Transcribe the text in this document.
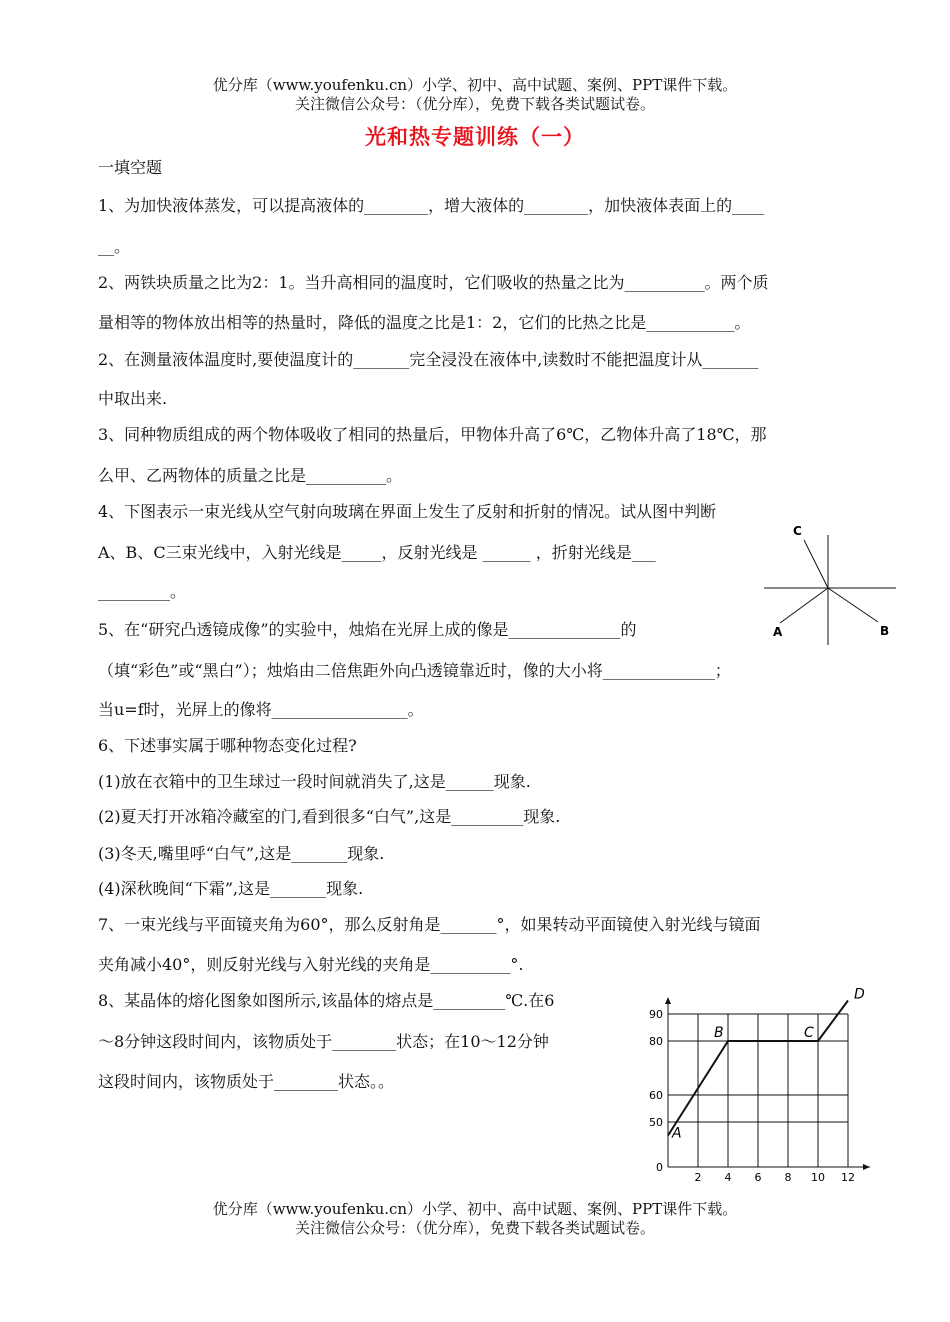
优分库（www.youfenku.cn）小学、初中、高中试题、案例、PPT课件下载。
关注微信公众号：（优分库），免费下载各类试题试卷。
光和热专题训练（一）
一填空题
1、为加快液体蒸发，可以提高液体的________，增大液体的________，加快液体表面上的____
__。
2、两铁块质量之比为2：1。当升高相同的温度时，它们吸收的热量之比为__________。两个质
量相等的物体放出相等的热量时，降低的温度之比是1：2，它们的比热之比是___________。
2、在测量液体温度时,要使温度计的_______完全浸没在液体中,读数时不能把温度计从_______
中取出来.
3、同种物质组成的两个物体吸收了相同的热量后，甲物体升高了6℃，乙物体升高了18℃，那
么甲、乙两物体的质量之比是__________。
4、下图表示一束光线从空气射向玻璃在界面上发生了反射和折射的情况。试从图中判断
A、B、C三束光线中，入射光线是_____，反射光线是 ______ ，折射光线是___
_________。
5、在“研究凸透镜成像”的实验中，烛焰在光屏上成的像是______________的
（填“彩色”或“黑白”）；烛焰由二倍焦距外向凸透镜靠近时，像的大小将______________；
当u=f时，光屏上的像将_________________。
6、下述事实属于哪种物态变化过程?
(1)放在衣箱中的卫生球过一段时间就消失了,这是______现象.
(2)夏天打开冰箱冷藏室的门,看到很多“白气”,这是_________现象.
(3)冬天,嘴里呼“白气”,这是_______现象.
(4)深秋晚间“下霜”,这是_______现象.
7、一束光线与平面镜夹角为60°，那么反射角是_______°，如果转动平面镜使入射光线与镜面
夹角减小40°，则反射光线与入射光线的夹角是__________°.
8、某晶体的熔化图象如图所示,该晶体的熔点是_________℃.在6
～8分钟这段时间内，该物质处于________状态；在10～12分钟
这段时间内，该物质处于________状态。。
C
A	B
2 4 6 8 10 12
0
50
60
80
90
A
B	C
D
优分库（www.youfenku.cn）小学、初中、高中试题、案例、PPT课件下载。
关注微信公众号：（优分库），免费下载各类试题试卷。
